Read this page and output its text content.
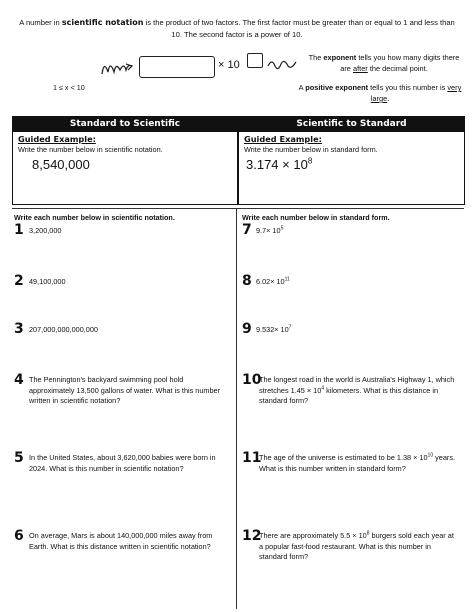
A number in scientific notation is the product of two factors. The first factor must be greater than or equal to 1 and less than 10. The second factor is a power of 10.
× 10
The exponent tells you how many digits there are after the decimal point.
1 ≤ x < 10	A positive exponent tells you this number is very large.
Standard to Scientific	Scientific to Standard
Guided Example:
Write the number below in scientific notation.
8,540,000
Guided Example:
Write the number below in standard form.
$3.174 \times 10^8$
Write each number below in scientific notation.	Write each number below in standard form.
1 3,200,000
2 49,100,000
3 207,000,000,000,000
4 The Pennington's backyard swimming pool hold approximately 13,500 gallons of water. What is this number written in scientific notation?
5 In the United States, about 3,620,000 babies were born in 2024. What is this number in scientific notation?
6 On average, Mars is about 140,000,000 miles away from Earth. What is this distance written in scientific notation?
7 $9.7\times 10^5$
8 $6.02\times 10^{11}$
9 $9.532\times 10^7$
10
The longest road in the world is Australia's Highway 1, which stretches $1.45 \times 10^4$ kilometers. What is this distance in standard form?
11
The age of the universe is estimated to be $1.38 \times 10^{10}$ years. What is this number written in standard form?
12
There are approximately $5.5 \times 10^8$ burgers sold each year at a popular fast-food restaurant. What is this number in standard form?
